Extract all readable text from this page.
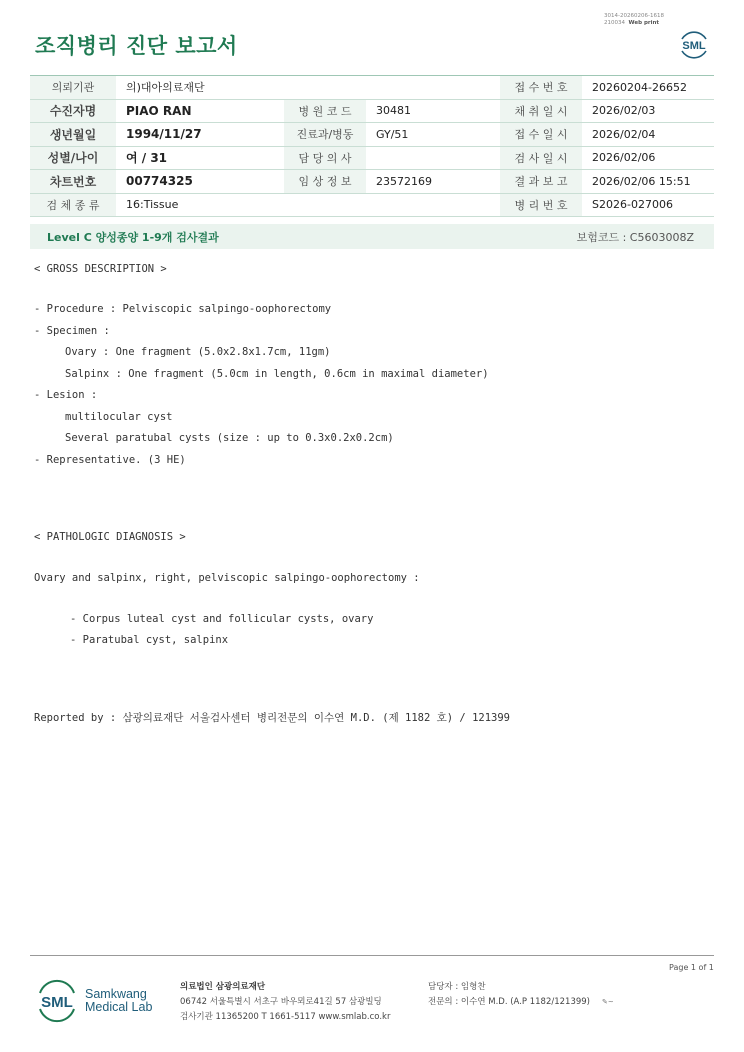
3014-20260206-1618
210034 Web print
조직병리 진단 보고서	SML
의뢰기관	의)대아의료재단			접 수 번 호	20260204-26652
수진자명	PIAO RAN	병 원 코 드	30481	채 취 일 시	2026/02/03
생년월일	1994/11/27	진료과/병동	GY/51	접 수 일 시	2026/02/04
성별/나이	여 / 31	담 당 의 사		검 사 일 시	2026/02/06
차트번호	00774325	임 상 정 보	23572169	결 과 보 고	2026/02/06 15:51
검 체 종 류	16:Tissue			병 리 번 호	S2026-027006
Level C 양성종양 1-9개 검사결과	보험코드 : C5603008Z
< GROSS DESCRIPTION >
- Procedure : Pelviscopic salpingo-oophorectomy
- Specimen :
Ovary : One fragment (5.0x2.8x1.7cm, 11gm)
Salpinx : One fragment (5.0cm in length, 0.6cm in maximal diameter)
- Lesion :
multilocular cyst
Several paratubal cysts (size : up to 0.3x0.2x0.2cm)
- Representative. (3 HE)
< PATHOLOGIC DIAGNOSIS >
Ovary and salpinx, right, pelviscopic salpingo-oophorectomy :
- Corpus luteal cyst and follicular cysts, ovary
- Paratubal cyst, salpinx
Reported by : 삼광의료재단 서울검사센터 병리전문의 이수연 M.D. (제 1182 호) / 121399
Page 1 of 1
SML Samkwang
Medical Lab
의료법인 삼광의료재단
06742 서울특별시 서초구 바우뫼로41길 57 삼광빌딩
검사기관 11365200 T 1661-5117 www.smlab.co.kr
담당자 : 임형찬
전문의 : 이수연 M.D. (A.P 1182/121399) ✎~
